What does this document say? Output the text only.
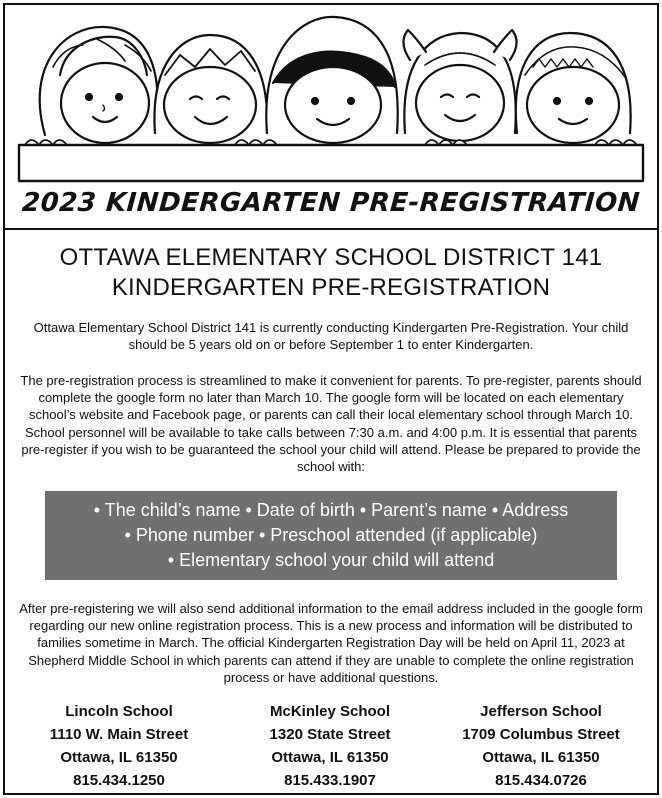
2023 KINDERGARTEN PRE-REGISTRATION
OTTAWA ELEMENTARY SCHOOL DISTRICT 141
KINDERGARTEN PRE-REGISTRATION

Ottawa Elementary School District 141 is currently conducting Kindergarten Pre-Registration. Your child should be 5 years old on or before September 1 to enter Kindergarten.

The pre-registration process is streamlined to make it convenient for parents. To pre-register, parents should complete the google form no later than March 10. The google form will be located on each elementary school’s website and Facebook page, or parents can call their local elementary school through March 10. School personnel will be available to take calls between 7:30 a.m. and 4:00 p.m. It is essential that parents pre-register if you wish to be guaranteed the school your child will attend. Please be prepared to provide the school with:

• The child’s name • Date of birth • Parent’s name • Address
• Phone number • Preschool attended (if applicable)
• Elementary school your child will attend

After pre-registering we will also send additional information to the email address included in the google form regarding our new online registration process. This is a new process and information will be distributed to families sometime in March. The official Kindergarten Registration Day will be held on April 11, 2023 at Shepherd Middle School in which parents can attend if they are unable to complete the online registration process or have additional questions.

Lincoln School
1110 W. Main Street
Ottawa, IL 61350
815.434.1250
McKinley School
1320 State Street
Ottawa, IL 61350
815.433.1907
Jefferson School
1709 Columbus Street
Ottawa, IL 61350
815.434.0726
